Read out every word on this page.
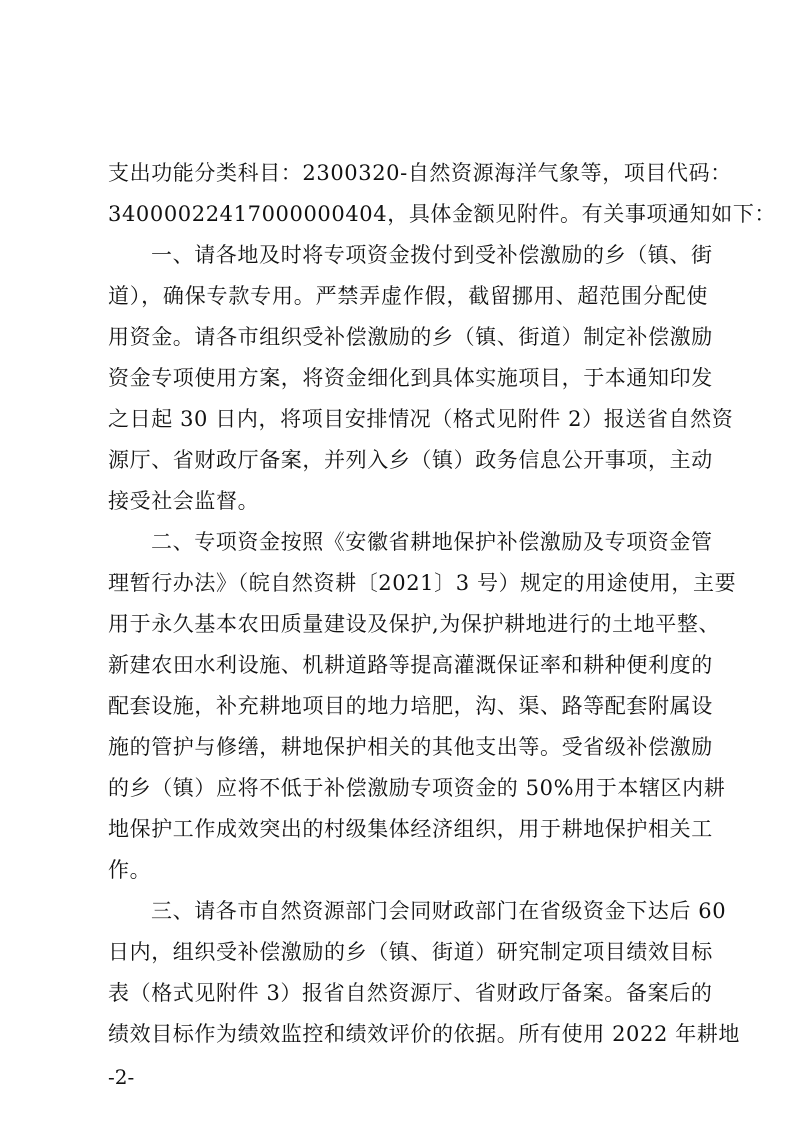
支出功能分类科目：2300320-自然资源海洋气象等，项目代码：
34000022417000000404，具体金额见附件。有关事项通知如下：
一、请各地及时将专项资金拨付到受补偿激励的乡（镇、街
道），确保专款专用。严禁弄虚作假，截留挪用、超范围分配使
用资金。请各市组织受补偿激励的乡（镇、街道）制定补偿激励
资金专项使用方案，将资金细化到具体实施项目，于本通知印发
之日起 30 日内，将项目安排情况（格式见附件 2）报送省自然资
源厅、省财政厅备案，并列入乡（镇）政务信息公开事项，主动
接受社会监督。
二、专项资金按照《安徽省耕地保护补偿激励及专项资金管
理暂行办法》（皖自然资耕〔2021〕3 号）规定的用途使用，主要
用于永久基本农田质量建设及保护,为保护耕地进行的土地平整、
新建农田水利设施、机耕道路等提高灌溉保证率和耕种便利度的
配套设施，补充耕地项目的地力培肥，沟、渠、路等配套附属设
施的管护与修缮，耕地保护相关的其他支出等。受省级补偿激励
的乡（镇）应将不低于补偿激励专项资金的 50%用于本辖区内耕
地保护工作成效突出的村级集体经济组织，用于耕地保护相关工
作。
三、请各市自然资源部门会同财政部门在省级资金下达后 60
日内，组织受补偿激励的乡（镇、街道）研究制定项目绩效目标
表（格式见附件 3）报省自然资源厅、省财政厅备案。备案后的
绩效目标作为绩效监控和绩效评价的依据。所有使用 2022 年耕地
-2-
